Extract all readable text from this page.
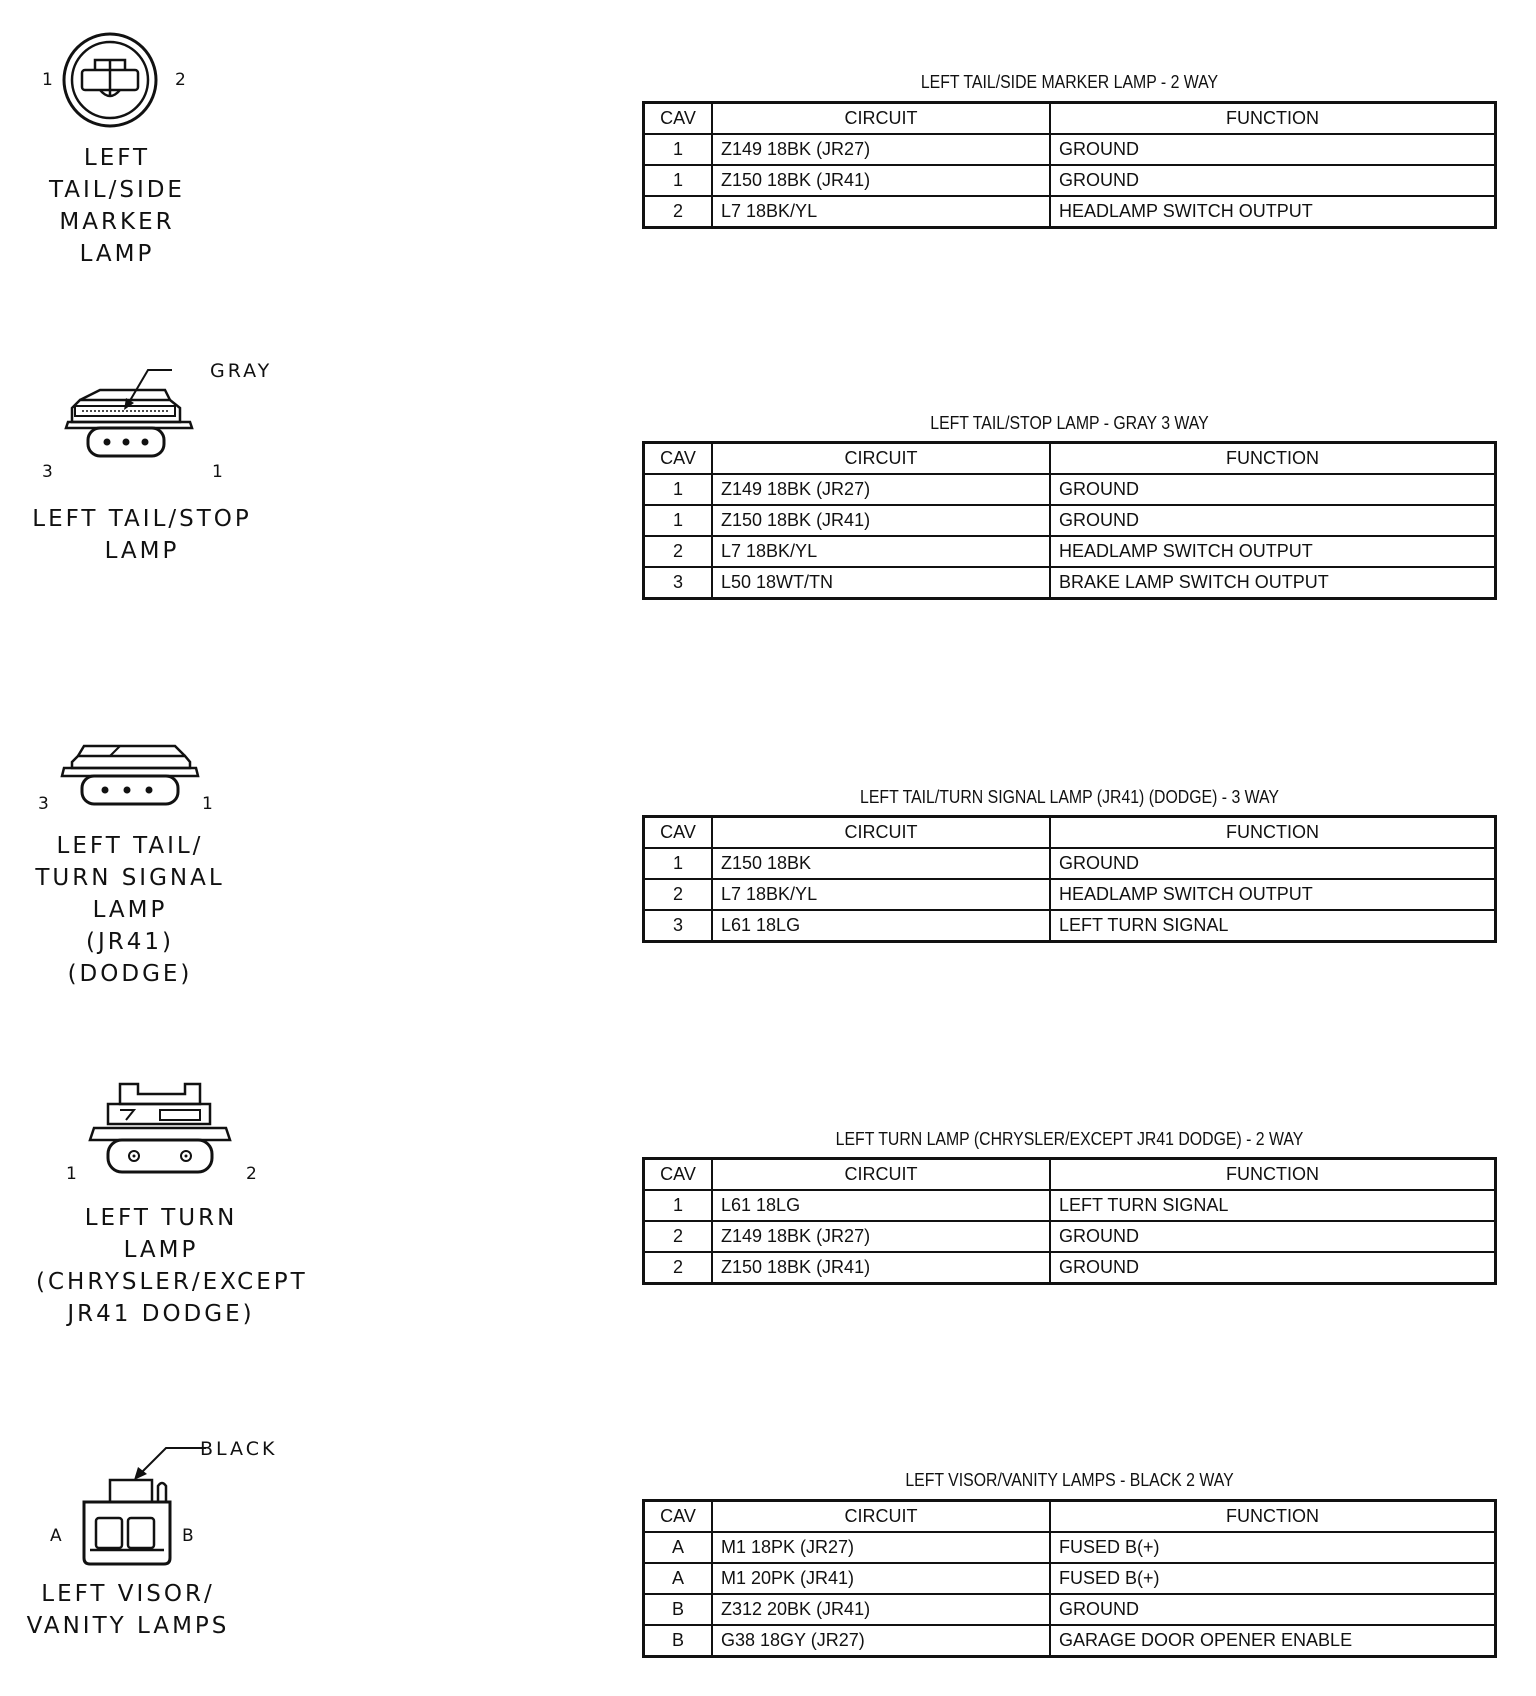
1	2
LEFT
TAIL/SIDE
MARKER
LAMP
LEFT TAIL/SIDE MARKER LAMP - 2 WAY
CAV	CIRCUIT	FUNCTION
1	Z149 18BK (JR27)	GROUND
1	Z150 18BK (JR41)	GROUND
2	L7 18BK/YL	HEADLAMP SWITCH OUTPUT
GRAY
3	1
LEFT TAIL/STOP
LAMP
LEFT TAIL/STOP LAMP - GRAY 3 WAY
CAV	CIRCUIT	FUNCTION
1	Z149 18BK (JR27)	GROUND
1	Z150 18BK (JR41)	GROUND
2	L7 18BK/YL	HEADLAMP SWITCH OUTPUT
3	L50 18WT/TN	BRAKE LAMP SWITCH OUTPUT
3	1
LEFT TAIL/
TURN SIGNAL
LAMP
(JR41)
(DODGE)
LEFT TAIL/TURN SIGNAL LAMP (JR41) (DODGE) - 3 WAY
CAV	CIRCUIT	FUNCTION
1	Z150 18BK	GROUND
2	L7 18BK/YL	HEADLAMP SWITCH OUTPUT
3	L61 18LG	LEFT TURN SIGNAL
1	2
LEFT TURN
LAMP
(CHRYSLER/EXCEPT
JR41 DODGE)
LEFT TURN LAMP (CHRYSLER/EXCEPT JR41 DODGE) - 2 WAY
CAV	CIRCUIT	FUNCTION
1	L61 18LG	LEFT TURN SIGNAL
2	Z149 18BK (JR27)	GROUND
2	Z150 18BK (JR41)	GROUND
BLACK
A	B
LEFT VISOR/
VANITY LAMPS
LEFT VISOR/VANITY LAMPS - BLACK 2 WAY
CAV	CIRCUIT	FUNCTION
A	M1 18PK (JR27)	FUSED B(+)
A	M1 20PK (JR41)	FUSED B(+)
B	Z312 20BK (JR41)	GROUND
B	G38 18GY (JR27)	GARAGE DOOR OPENER ENABLE
